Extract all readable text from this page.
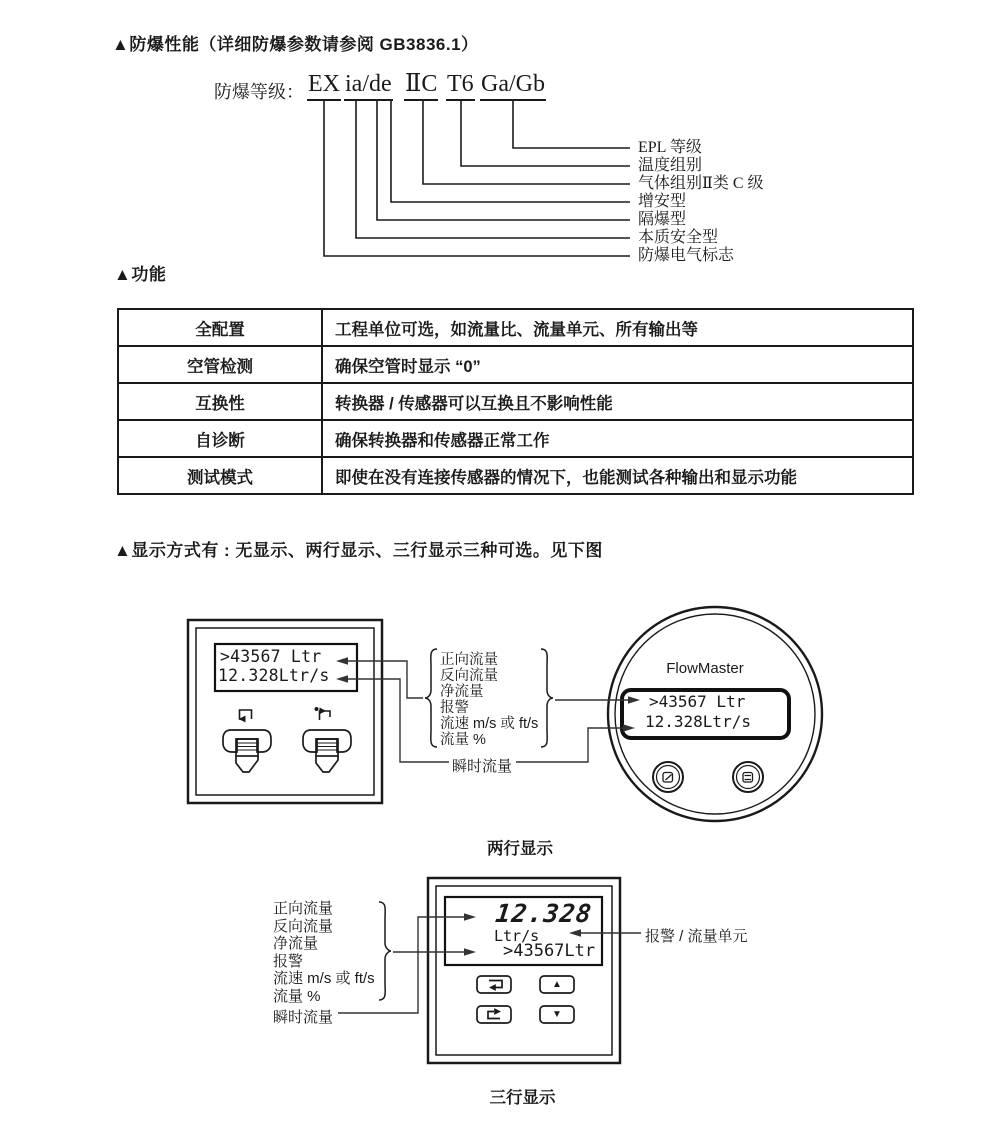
▲防爆性能（详细防爆参数请参阅 GB3836.1）
防爆等级： EX ia/de ⅡC T6 Ga/Gb
EPL 等级
温度组别
气体组别Ⅱ类 C 级
增安型
隔爆型
本质安全型
防爆电气标志
▲功能
全配置	工程单位可选，如流量比、流量单元、所有输出等
空管检测	确保空管时显示 “0”
互换性	转换器 / 传感器可以互换且不影响性能
自诊断	确保转换器和传感器正常工作
测试模式	即使在没有连接传感器的情况下，也能测试各种输出和显示功能
▲显示方式有 : 无显示、两行显示、三行显示三种可选。见下图
>43567 Ltr
12.328Ltr/s	FlowMaster
>43567 Ltr
12.328Ltr/s
正向流量
反向流量
净流量
报警
流速 m/s 或 ft/s
流量 %
瞬时流量
两行显示
正向流量
反向流量
净流量
报警
流速 m/s 或 ft/s
流量 %
瞬时流量
12.328
Ltr/s
>43567Ltr
▲
▼
报警 / 流量单元
三行显示
